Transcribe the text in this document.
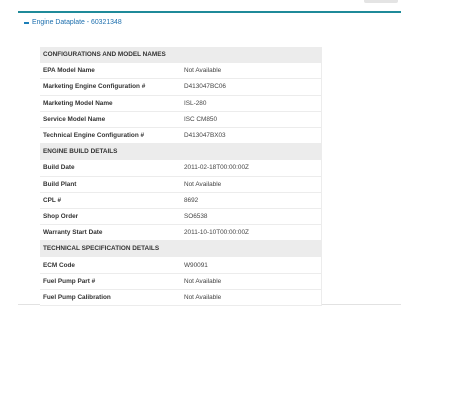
Engine Dataplate - 60321348
CONFIGURATIONS AND MODEL NAMES	
EPA Model Name	Not Available
Marketing Engine Configuration #	D413047BC06
Marketing Model Name	ISL-280
Service Model Name	ISC CM850
Technical Engine Configuration #	D413047BX03
ENGINE BUILD DETAILS	
Build Date	2011-02-18T00:00:00Z
Build Plant	Not Available
CPL #	8692
Shop Order	SO6538
Warranty Start Date	2011-10-10T00:00:00Z
TECHNICAL SPECIFICATION DETAILS	
ECM Code	W90091
Fuel Pump Part #	Not Available
Fuel Pump Calibration	Not Available
